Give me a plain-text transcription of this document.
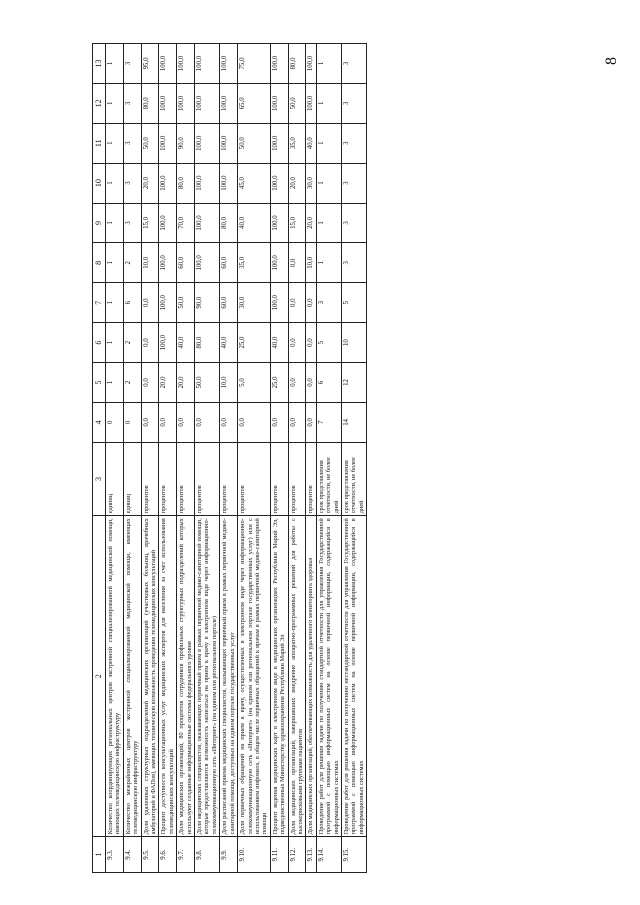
8
1	2	3	4	5	6	7	8	9	10	11	12	13
9.3.	Количество координирующих региональных центров экстренной специализированной медицинской помощи, имеющих телемедицинскую инфраструктуру	единиц	0	1	1	1	1	1	1	1	1	1
9.4.	Количество межрайонных центров экстренной специализированной медицинской помощи, имеющих телемедицинскую инфраструктуру	единиц	0	2	2	6	2	3	3	3	3	3
9.5.	Доля удаленных структурных подразделений медицинских организаций (участковых больниц, врачебных амбулаторий и ФАПов), имеющих техническую возможность проведения телемедицинских консультаций	процентов	0,0	0,0	0,0	0,0	10,0	15,0	20,0	50,0	80,0	95,0
9.6.	Процент доступности консультационных услуг медицинских экспертов для населения за счет использования телемедицинских консультаций	процентов	0,0	20,0	100,0	100,0	100,0	100,0	100,0	100,0	100,0	100,0
9.7.	Доля медицинских организаций, 80 процентов сотрудников профильных структурных подразделений которых используют созданные информационные системы федерального уровня	процентов	0,0	20,0	40,0	50,0	60,0	70,0	80,0	90,0	100,0	100,0
9.8.	Доля медицинских специалистов, оказывающих первичный прием в рамках первичной медико-санитарной помощи, которые предоставляются возможность записаться на прием к врачу в электронном виде через информационно-телекоммуникационную сеть «Интернет» (на едином или региональном портале)	процентов	0,0	50,0	80,0	90,0	100,0	100,0	100,0	100,0	100,0	100,0
9.9.	Доля расписаний приема медицинских специалистов, оказывающих первичный прием в рамках первичной медико-санитарной помощи, доступных на едином портале государственных услуг	процентов	0,0	10,0	40,0	60,0	60,0	80,0	100,0	100,0	100,0	100,0
9.10.	Доля первичных обращений на прием к врачу, осуществленных в электронном виде через информационно-телекоммуникационную сеть «Интернет» (на едином или региональном портале государственных услуг) или с использованием инфомата, в общем числе первичных обращений к врачам в рамках первичной медико-санитарной помощи	процентов	0,0	5,0	25,0	30,0	35,0	40,0	45,0	50,0	65,0	75,0
9.11.	Процент ведения медицинских карт в электронном виде в медицинских организациях Республики Марий Эл, подведомственных Министерству здравоохранения Республики Марий Эл	процентов	0,0	25,0	40,0	100,0	100,0	100,0	100,0	100,0	100,0	100,0
9.12.	Доля медицинских организаций, завершивших внедрение аппаратно-программных решений для работы с высокорисковыми группами пациентов	процентов	0,0	0,0	0,0	0,0	0,0	15,0	20,0	35,0	50,0	80,0
9.13.	Доля медицинских организаций, обеспечивающих возможность для удаленного мониторинга здоровья	процентов	0,0	0,0	0,0	0,0	10,0	20,0	30,0	40,0	100,0	100,0
9.14.	Проведение работ для решения задачи по получению стандартной отчетности для управления Государственной программой с помощью информационных систем на основе первичной информации, содержащейся в информационных системах	срок представления отчетности, не более дней	7	6	5	3	1	1	1	1	1	1
9.15.	Проведение работ для решения задачи по получению нестандартной отчетности для управления Государственной программой с помощью информационных систем на основе первичной информации, содержащейся в информационных системах	срок представления отчетности, не более дней	14	12	10	5	3	3	3	3	3	3
